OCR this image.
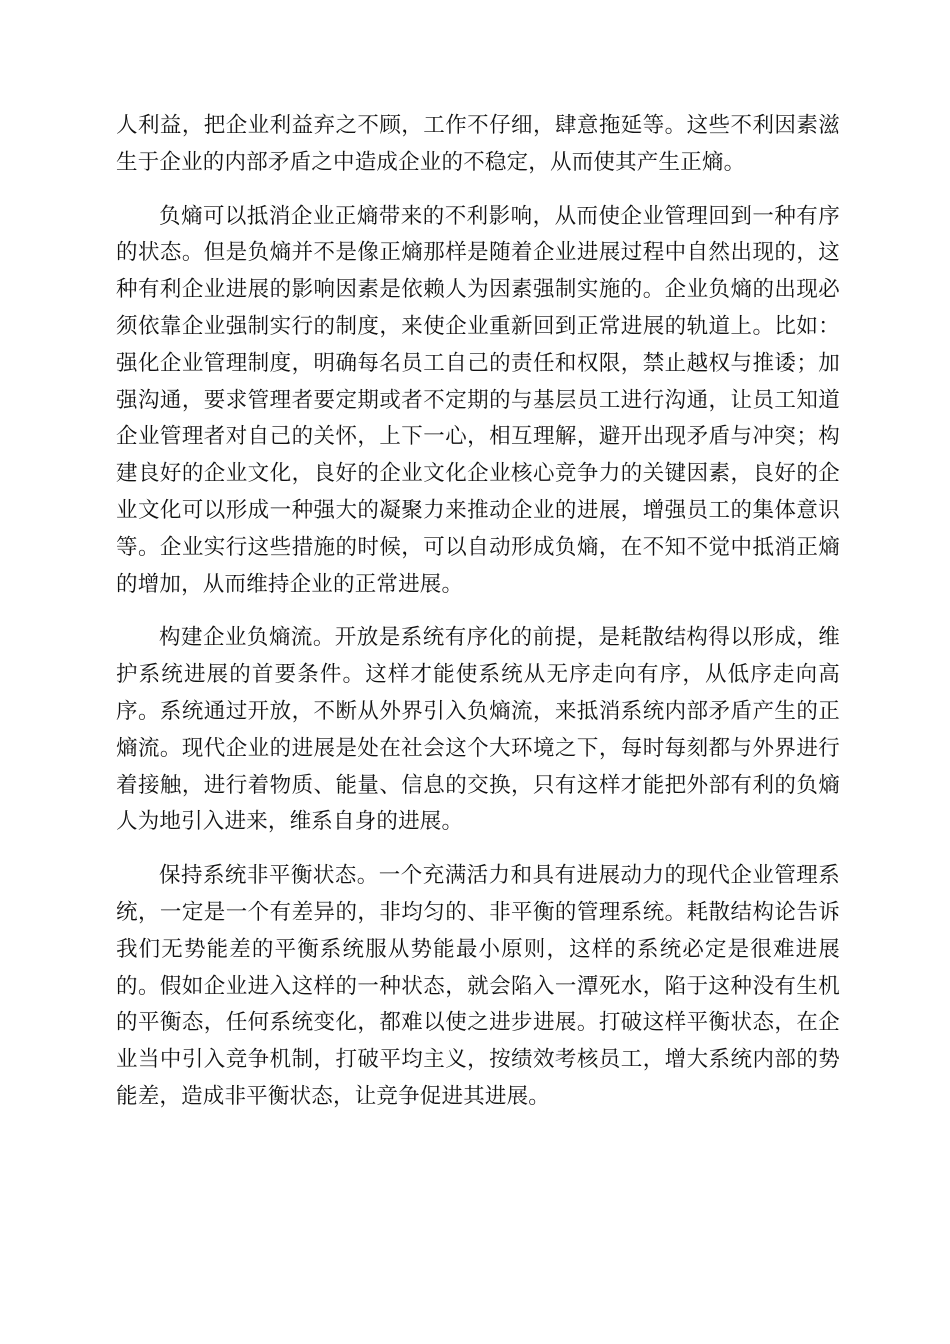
人利益，把企业利益弃之不顾，工作不仔细，肆意拖延等。这些不利因素滋生于企业的内部矛盾之中造成企业的不稳定，从而使其产生正熵。

负熵可以抵消企业正熵带来的不利影响，从而使企业管理回到一种有序的状态。但是负熵并不是像正熵那样是随着企业进展过程中自然出现的，这种有利企业进展的影响因素是依赖人为因素强制实施的。企业负熵的出现必须依靠企业强制实行的制度，来使企业重新回到正常进展的轨道上。比如：强化企业管理制度，明确每名员工自己的责任和权限，禁止越权与推诿；加强沟通，要求管理者要定期或者不定期的与基层员工进行沟通，让员工知道企业管理者对自己的关怀，上下一心，相互理解，避开出现矛盾与冲突；构建良好的企业文化，良好的企业文化企业核心竞争力的关键因素，良好的企业文化可以形成一种强大的凝聚力来推动企业的进展，增强员工的集体意识等。企业实行这些措施的时候，可以自动形成负熵，在不知不觉中抵消正熵的增加，从而维持企业的正常进展。

构建企业负熵流。开放是系统有序化的前提，是耗散结构得以形成，维护系统进展的首要条件。这样才能使系统从无序走向有序，从低序走向高序。系统通过开放，不断从外界引入负熵流，来抵消系统内部矛盾产生的正熵流。现代企业的进展是处在社会这个大环境之下，每时每刻都与外界进行着接触，进行着物质、能量、信息的交换，只有这样才能把外部有利的负熵人为地引入进来，维系自身的进展。

保持系统非平衡状态。一个充满活力和具有进展动力的现代企业管理系统，一定是一个有差异的，非均匀的、非平衡的管理系统。耗散结构论告诉我们无势能差的平衡系统服从势能最小原则，这样的系统必定是很难进展的。假如企业进入这样的一种状态，就会陷入一潭死水，陷于这种没有生机的平衡态，任何系统变化，都难以使之进步进展。打破这样平衡状态，在企业当中引入竞争机制，打破平均主义，按绩效考核员工，增大系统内部的势能差，造成非平衡状态，让竞争促进其进展。
